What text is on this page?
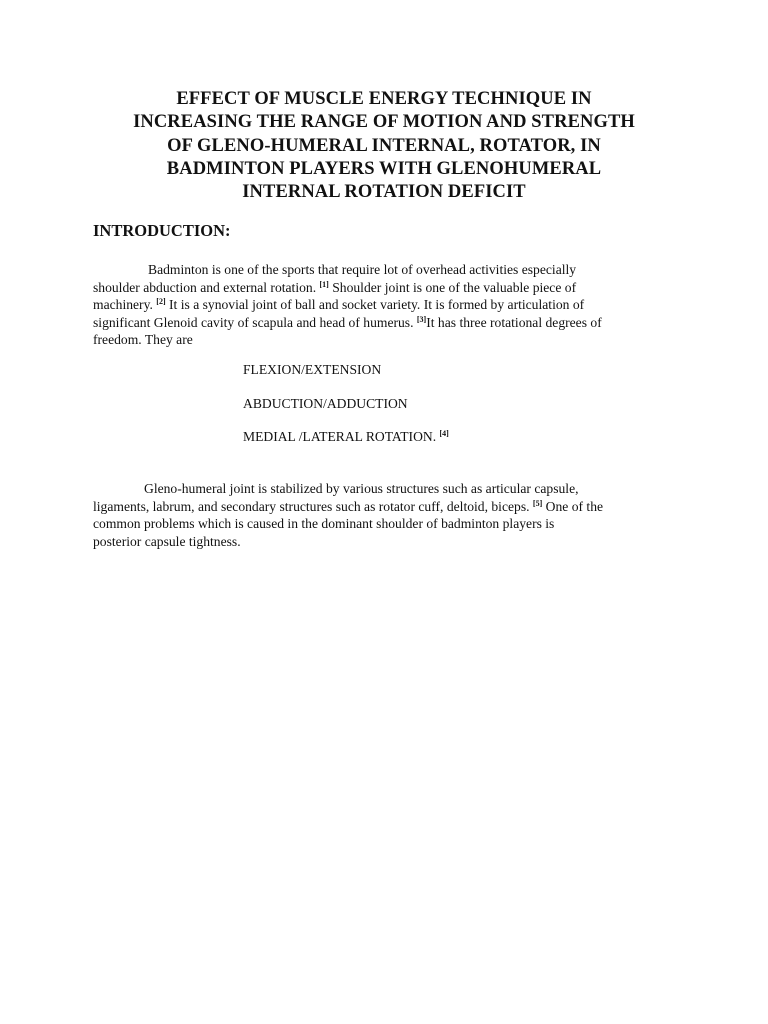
EFFECT OF MUSCLE ENERGY TECHNIQUE IN
INCREASING THE RANGE OF MOTION AND STRENGTH
OF GLENO-HUMERAL INTERNAL, ROTATOR, IN
BADMINTON PLAYERS WITH GLENOHUMERAL
INTERNAL ROTATION DEFICIT
INTRODUCTION:

Badminton is one of the sports that require lot of overhead activities especially
shoulder abduction and external rotation. [1] Shoulder joint is one of the valuable piece of
machinery. [2] It is a synovial joint of ball and socket variety. It is formed by articulation of
significant Glenoid cavity of scapula and head of humerus. [3]It has three rotational degrees of
freedom. They are

FLEXION/EXTENSION

ABDUCTION/ADDUCTION

MEDIAL /LATERAL ROTATION. [4]

Gleno-humeral joint is stabilized by various structures such as articular capsule,
ligaments, labrum, and secondary structures such as rotator cuff, deltoid, biceps. [5] One of the
common problems which is caused in the dominant shoulder of badminton players is
posterior capsule tightness.
